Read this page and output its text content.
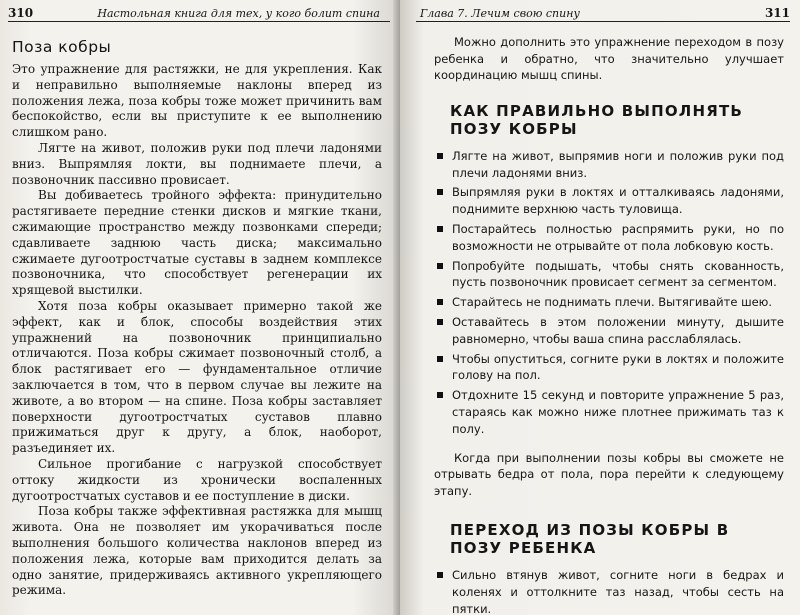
310	Настольная книга для тех, у кого болит спина
Поза кобры

Это упражнение для растяжки, не для укрепления. Как и неправильно выполняемые наклоны вперед из положения лежа, поза кобры тоже может причинить вам беспокойство, если вы приступите к ее выполнению слишком рано.

Лягте на живот, положив руки под плечи ладонями вниз. Выпрямляя локти, вы поднимаете плечи, а позвоночник пассивно провисает.

Вы добиваетесь тройного эффекта: принудительно растягиваете передние стенки дисков и мягкие ткани, сжимающие пространство между позвонками спереди; сдавливаете заднюю часть диска; максимально сжимаете дугоотростчатые суставы в заднем комплексе позвоночника, что способствует регенерации их хрящевой выстилки.

Хотя поза кобры оказывает примерно такой же эффект, как и блок, способы воздействия этих упражнений на позвоночник принципиально отличаются. Поза кобры сжимает позвоночный столб, а блок растягивает его — фундаментальное отличие заключается в том, что в первом случае вы лежите на животе, а во втором — на спине. Поза кобры заставляет поверхности дугоотростчатых суставов плавно прижиматься друг к другу, а блок, наоборот, разъединяет их.

Сильное прогибание с нагрузкой способствует оттоку жидкости из хронически воспаленных дугоотростчатых суставов и ее поступление в диски.

Поза кобры также эффективная растяжка для мышц живота. Она не позволяет им укорачиваться после выполнения большого количества наклонов вперед из положения лежа, которые вам приходится делать за одно занятие, придерживаясь активного укрепляющего режима.

Глава 7. Лечим свою спину	311

Можно дополнить это упражнение переходом в позу ребенка и обратно, что значительно улучшает координацию мышц спины.

КАК ПРАВИЛЬНО ВЫПОЛНЯТЬ ПОЗУ КОБРЫ
Лягте на живот, выпрямив ноги и положив руки под плечи ладонями вниз.
Выпрямляя руки в локтях и отталкиваясь ладонями, поднимите верхнюю часть туловища.
Постарайтесь полностью распрямить руки, но по возможности не отрывайте от пола лобковую кость.
Попробуйте подышать, чтобы снять скованность, пусть позвоночник провисает сегмент за сегментом.
Старайтесь не поднимать плечи. Вытягивайте шею.
Оставайтесь в этом положении минуту, дышите равномерно, чтобы ваша спина расслаблялась.
Чтобы опуститься, согните руки в локтях и положите голову на пол.
Отдохните 15 секунд и повторите упражнение 5 раз, стараясь как можно ниже плотнее прижимать таз к полу.

Когда при выполнении позы кобры вы сможете не отрывать бедра от пола, пора перейти к следующему этапу.

ПЕРЕХОД ИЗ ПОЗЫ КОБРЫ В ПОЗУ РЕБЕНКА
Сильно втянув живот, согните ноги в бедрах и коленях и оттолкните таз назад, чтобы сесть на пятки.
